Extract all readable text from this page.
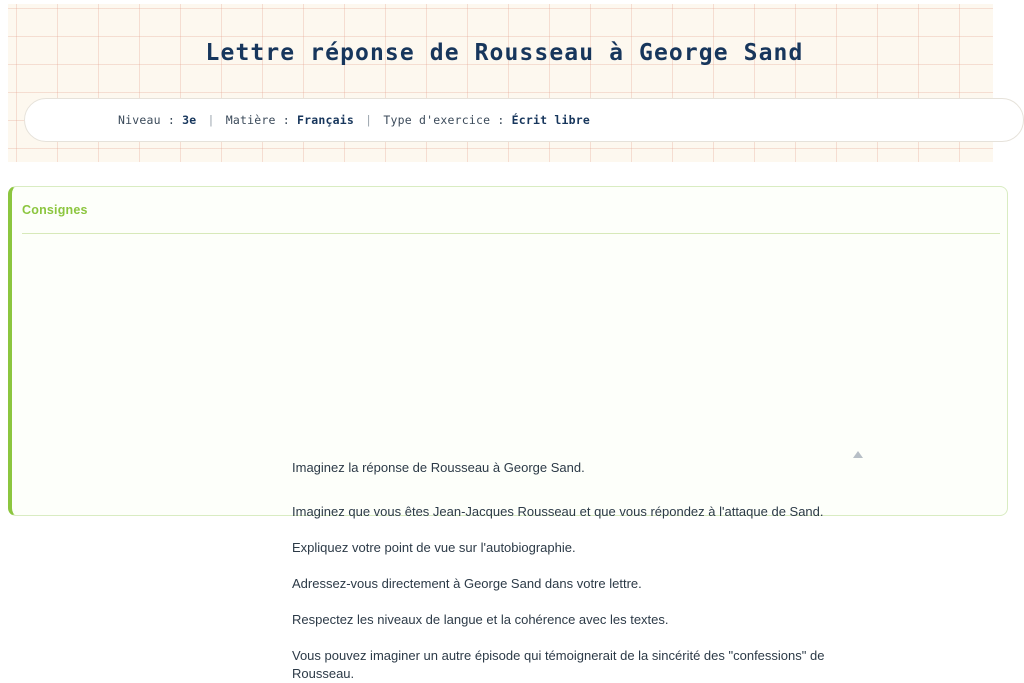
Lettre réponse de Rousseau à George Sand
Niveau : 3e | Matière : Français | Type d'exercice : Écrit libre
Consignes

Imaginez la réponse de Rousseau à George Sand.

Imaginez que vous êtes Jean-Jacques Rousseau et que vous répondez à l'attaque de Sand.

Expliquez votre point de vue sur l'autobiographie.

Adressez-vous directement à George Sand dans votre lettre.

Respectez les niveaux de langue et la cohérence avec les textes.

Vous pouvez imaginer un autre épisode qui témoignerait de la sincérité des "confessions" de Rousseau.
